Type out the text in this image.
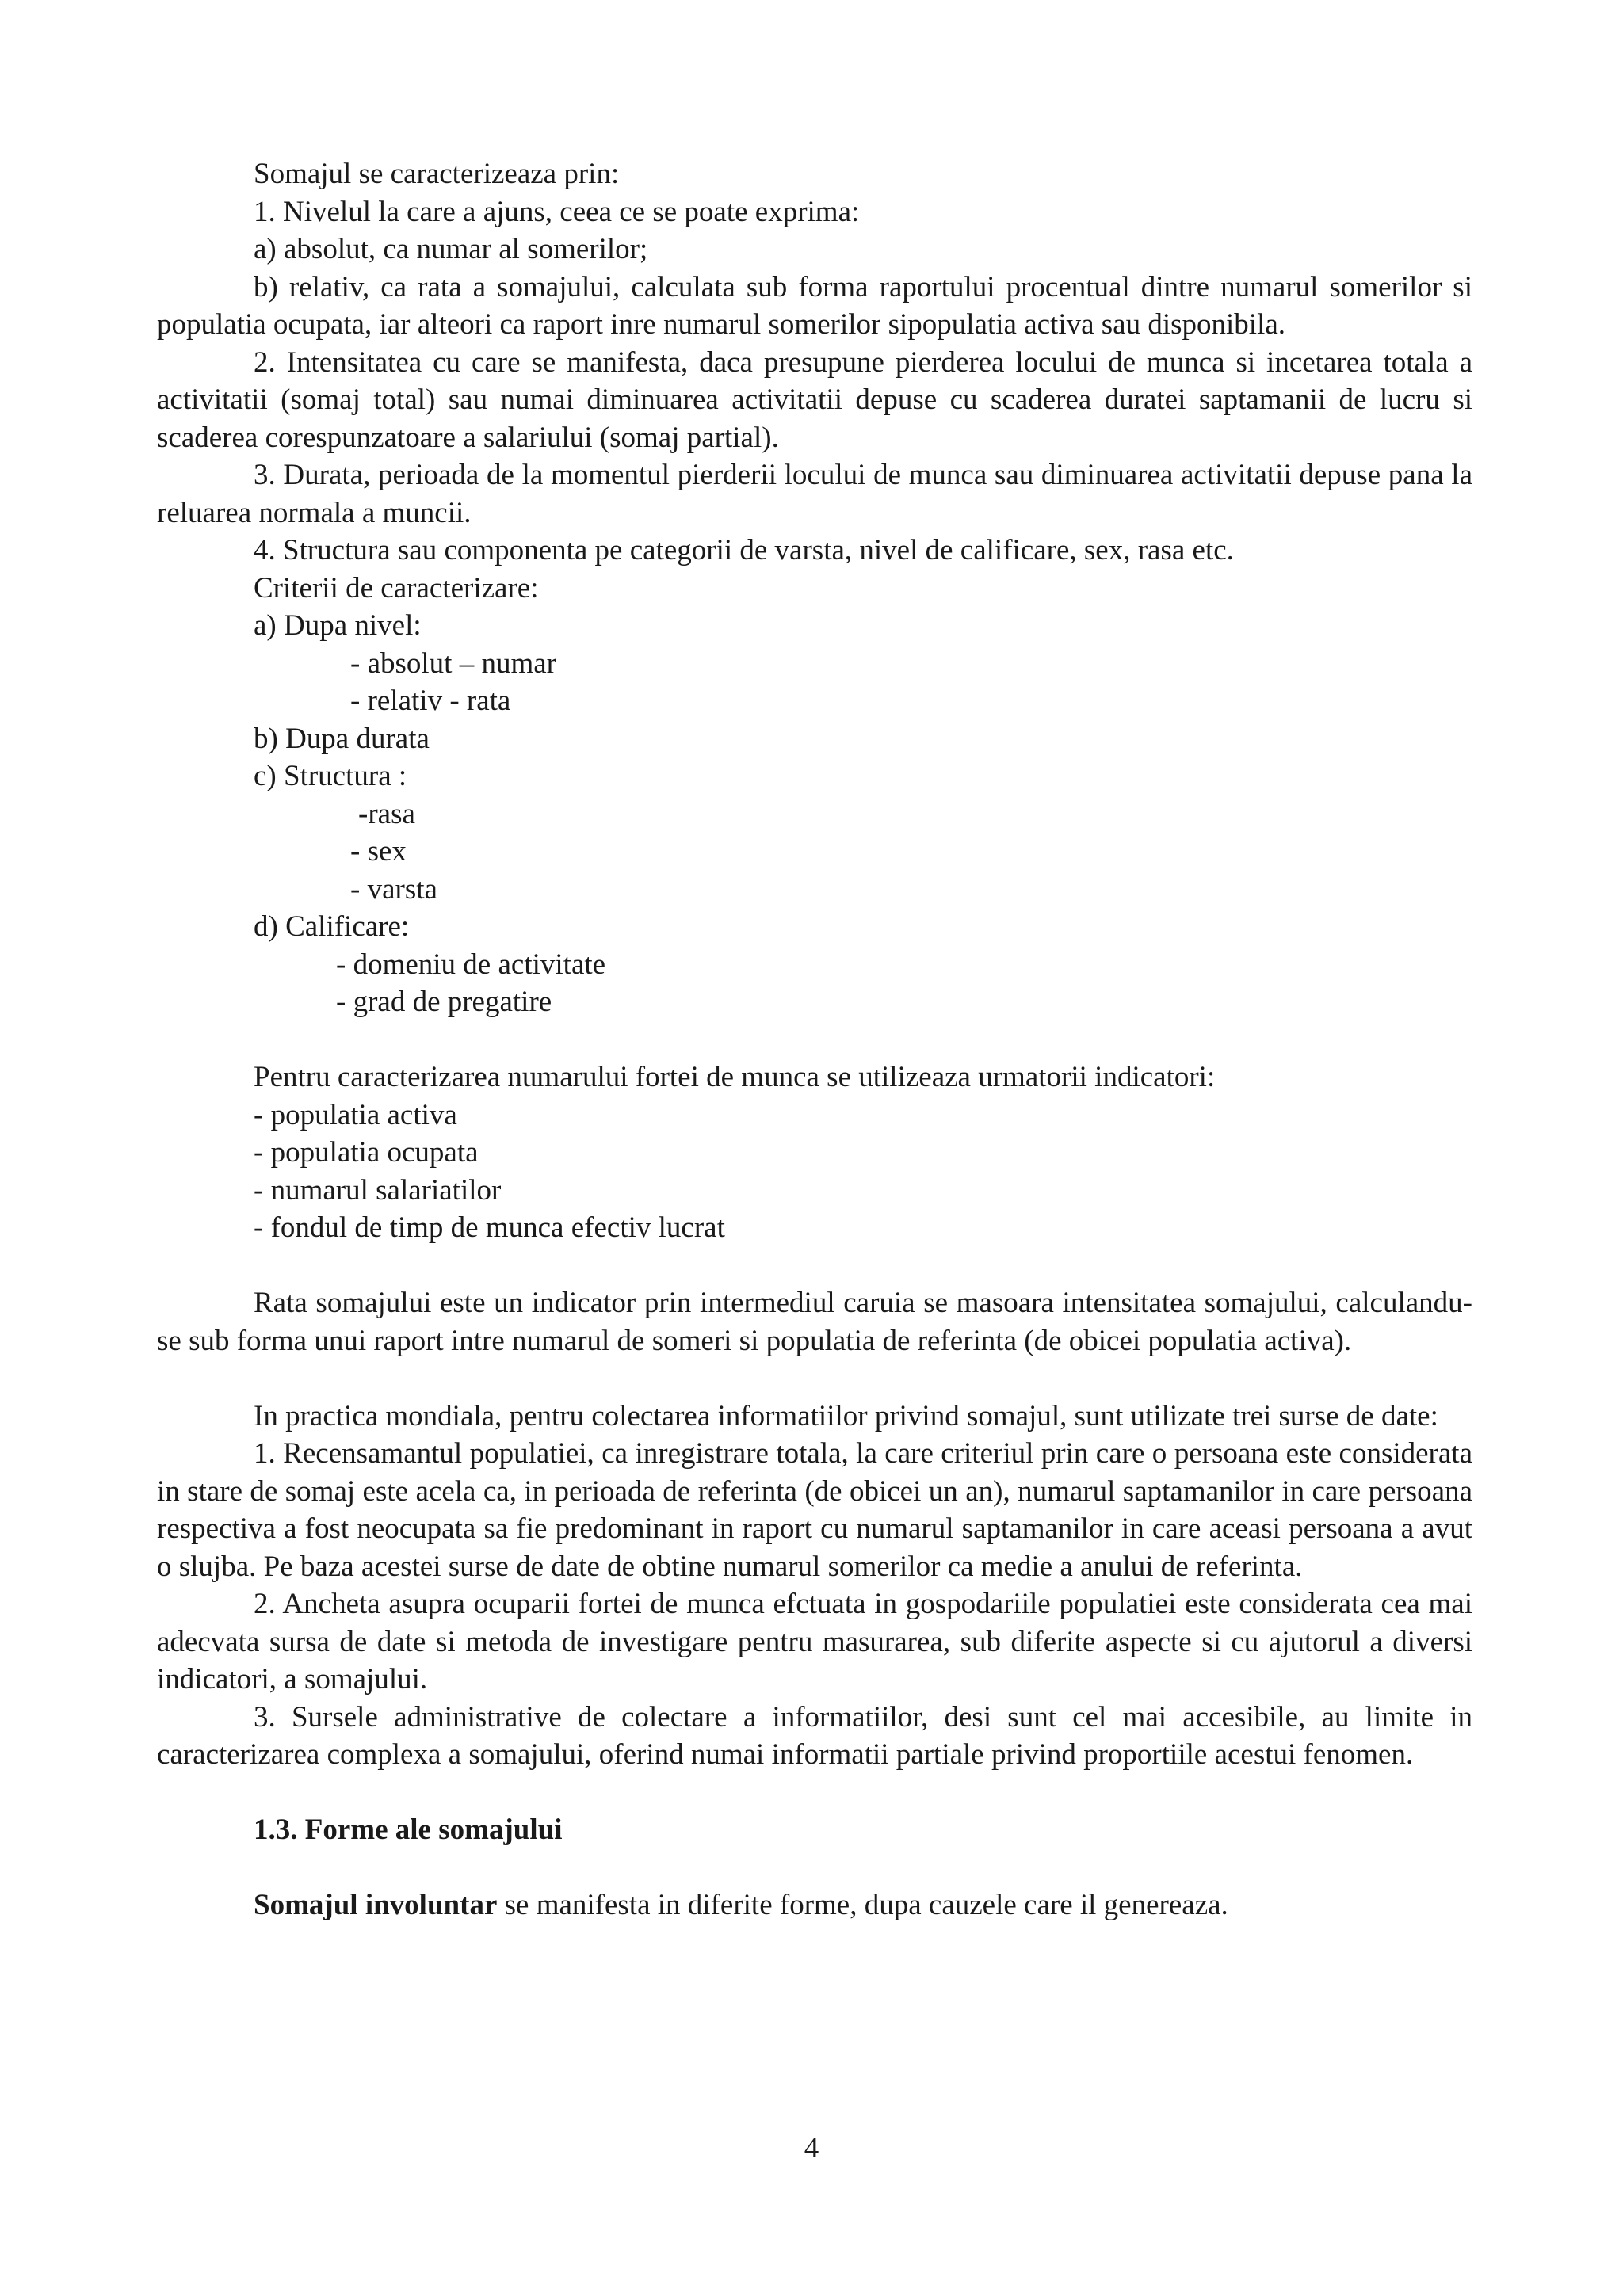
Somajul se caracterizeaza prin:

1. Nivelul la care a ajuns, ceea ce se poate exprima:

a) absolut, ca numar al somerilor;

b) relativ, ca rata a somajului, calculata sub forma raportului procentual dintre numarul somerilor si populatia ocupata, iar alteori ca raport inre numarul somerilor sipopulatia activa sau disponibila.

2. Intensitatea cu care se manifesta, daca presupune pierderea locului de munca si incetarea totala a activitatii (somaj total) sau numai diminuarea activitatii depuse cu scaderea duratei saptamanii de lucru si scaderea corespunzatoare a salariului (somaj partial).

3. Durata, perioada de la momentul pierderii locului de munca sau diminuarea activitatii depuse pana la reluarea normala a muncii.

4. Structura sau componenta pe categorii de varsta, nivel de calificare, sex, rasa etc.

Criterii de caracterizare:

a) Dupa nivel:

- absolut – numar

- relativ - rata

b) Dupa durata

c) Structura :

-rasa

- sex

- varsta

d) Calificare:

- domeniu de activitate

- grad de pregatire

Pentru caracterizarea numarului fortei de munca se utilizeaza urmatorii indicatori:

- populatia activa

- populatia ocupata

- numarul salariatilor

- fondul de timp de munca efectiv lucrat

Rata somajului este un indicator prin intermediul caruia se masoara intensitatea somajului, calculandu-se sub forma unui raport intre numarul de someri si populatia de referinta (de obicei populatia activa).

In practica mondiala, pentru colectarea informatiilor privind somajul, sunt utilizate trei surse de date:

1. Recensamantul populatiei, ca inregistrare totala, la care criteriul prin care o persoana este considerata in stare de somaj este acela ca, in perioada de referinta (de obicei un an), numarul saptamanilor in care persoana respectiva a fost neocupata sa fie predominant in raport cu numarul saptamanilor in care aceasi persoana a avut o slujba. Pe baza acestei surse de date de obtine numarul somerilor ca medie a anului de referinta.

2. Ancheta asupra ocuparii fortei de munca efctuata in gospodariile populatiei este considerata cea mai adecvata sursa de date si metoda de investigare pentru masurarea, sub diferite aspecte si cu ajutorul a diversi indicatori, a somajului.

3. Sursele administrative de colectare a informatiilor, desi sunt cel mai accesibile, au limite in caracterizarea complexa a somajului, oferind numai informatii partiale privind proportiile acestui fenomen.

1.3. Forme ale somajului

Somajul involuntar se manifesta in diferite forme, dupa cauzele care il genereaza.

4
